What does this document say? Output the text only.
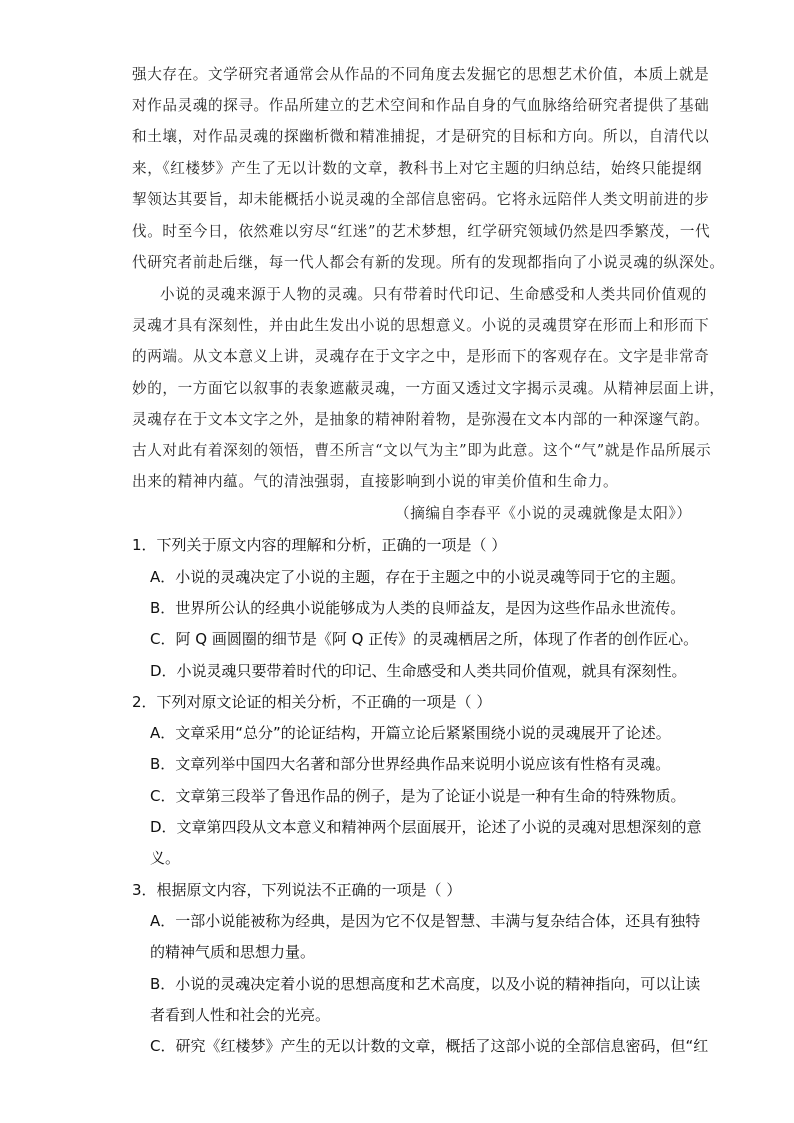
强大存在。文学研究者通常会从作品的不同角度去发掘它的思想艺术价值，本质上就是
对作品灵魂的探寻。作品所建立的艺术空间和作品自身的气血脉络给研究者提供了基础
和土壤，对作品灵魂的探幽析微和精准捕捉，才是研究的目标和方向。所以，自清代以
来，《红楼梦》产生了无以计数的文章，教科书上对它主题的归纳总结，始终只能提纲
挈领达其要旨，却未能概括小说灵魂的全部信息密码。它将永远陪伴人类文明前进的步
伐。时至今日，依然难以穷尽“红迷”的艺术梦想，红学研究领域仍然是四季繁茂，一代
代研究者前赴后继，每一代人都会有新的发现。所有的发现都指向了小说灵魂的纵深处。
小说的灵魂来源于人物的灵魂。只有带着时代印记、生命感受和人类共同价值观的
灵魂才具有深刻性，并由此生发出小说的思想意义。小说的灵魂贯穿在形而上和形而下
的两端。从文本意义上讲，灵魂存在于文字之中，是形而下的客观存在。文字是非常奇
妙的，一方面它以叙事的表象遮蔽灵魂，一方面又透过文字揭示灵魂。从精神层面上讲，
灵魂存在于文本文字之外，是抽象的精神附着物，是弥漫在文本内部的一种深邃气韵。
古人对此有着深刻的领悟，曹丕所言“文以气为主”即为此意。这个“气”就是作品所展示
出来的精神内蕴。气的清浊强弱，直接影响到小说的审美价值和生命力。
（摘编自李春平《小说的灵魂就像是太阳》）
1．下列关于原文内容的理解和分析，正确的一项是（ ）
A．小说的灵魂决定了小说的主题，存在于主题之中的小说灵魂等同于它的主题。
B．世界所公认的经典小说能够成为人类的良师益友，是因为这些作品永世流传。
C．阿 Q 画圆圈的细节是《阿 Q 正传》的灵魂栖居之所，体现了作者的创作匠心。
D．小说灵魂只要带着时代的印记、生命感受和人类共同价值观，就具有深刻性。
2．下列对原文论证的相关分析，不正确的一项是（ ）
A．文章采用“总分”的论证结构，开篇立论后紧紧围绕小说的灵魂展开了论述。
B．文章列举中国四大名著和部分世界经典作品来说明小说应该有性格有灵魂。
C．文章第三段举了鲁迅作品的例子，是为了论证小说是一种有生命的特殊物质。
D．文章第四段从文本意义和精神两个层面展开，论述了小说的灵魂对思想深刻的意
义。
3．根据原文内容，下列说法不正确的一项是（ ）
A．一部小说能被称为经典，是因为它不仅是智慧、丰满与复杂结合体，还具有独特
的精神气质和思想力量。
B．小说的灵魂决定着小说的思想高度和艺术高度，以及小说的精神指向，可以让读
者看到人性和社会的光亮。
C．研究《红楼梦》产生的无以计数的文章，概括了这部小说的全部信息密码，但“红
